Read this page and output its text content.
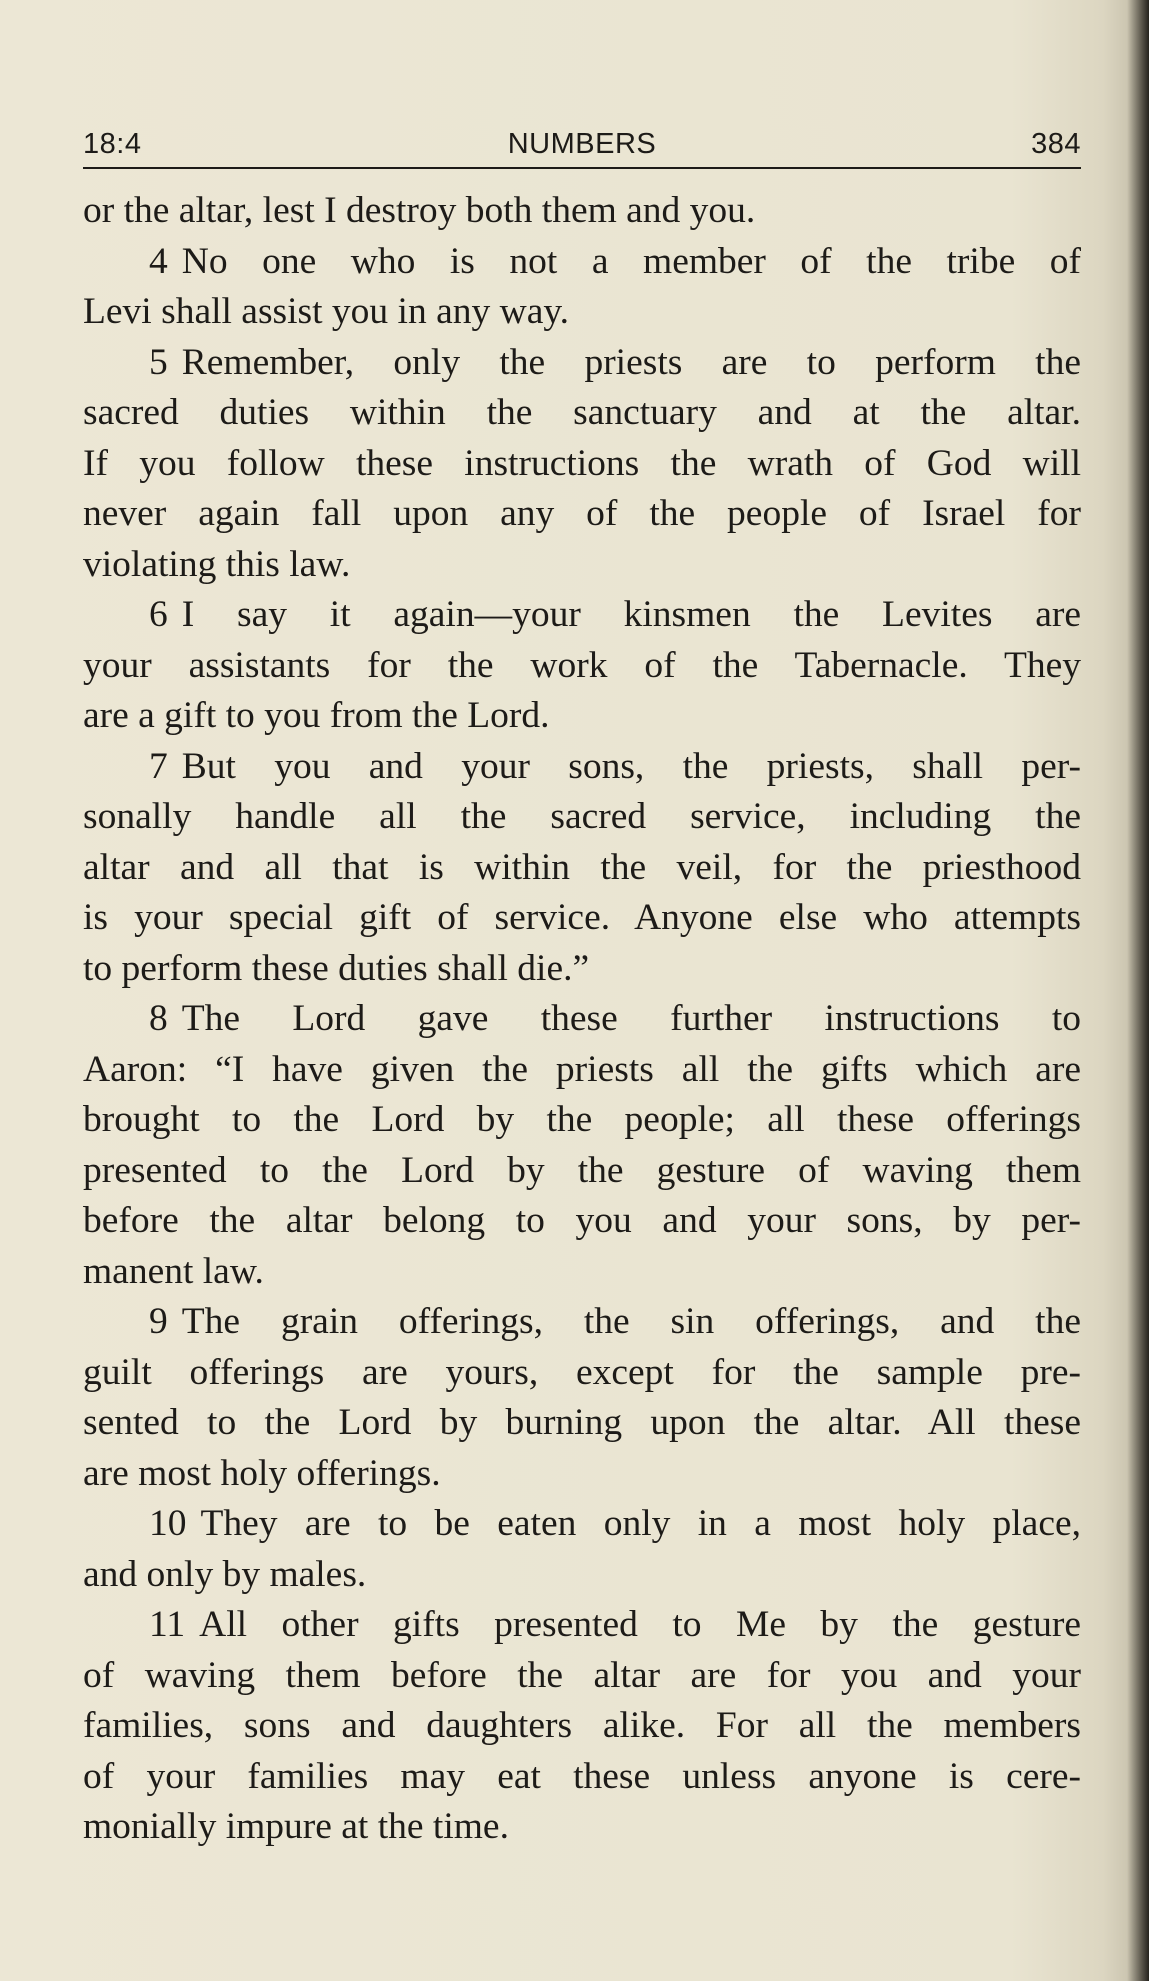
18:4	NUMBERS	384
or the altar, lest I destroy both them and you.
4 No one who is not a member of the tribe of
Levi shall assist you in any way.
5 Remember, only the priests are to perform the
sacred duties within the sanctuary and at the altar.
If you follow these instructions the wrath of God will
never again fall upon any of the people of Israel for
violating this law.
6 I say it again—your kinsmen the Levites are
your assistants for the work of the Tabernacle. They
are a gift to you from the Lord.
7 But you and your sons, the priests, shall per-
sonally handle all the sacred service, including the
altar and all that is within the veil, for the priesthood
is your special gift of service. Anyone else who attempts
to perform these duties shall die.”
8 The Lord gave these further instructions to
Aaron: “I have given the priests all the gifts which are
brought to the Lord by the people; all these offerings
presented to the Lord by the gesture of waving them
before the altar belong to you and your sons, by per-
manent law.
9 The grain offerings, the sin offerings, and the
guilt offerings are yours, except for the sample pre-
sented to the Lord by burning upon the altar. All these
are most holy offerings.
10 They are to be eaten only in a most holy place,
and only by males.
11 All other gifts presented to Me by the gesture
of waving them before the altar are for you and your
families, sons and daughters alike. For all the members
of your families may eat these unless anyone is cere-
monially impure at the time.
